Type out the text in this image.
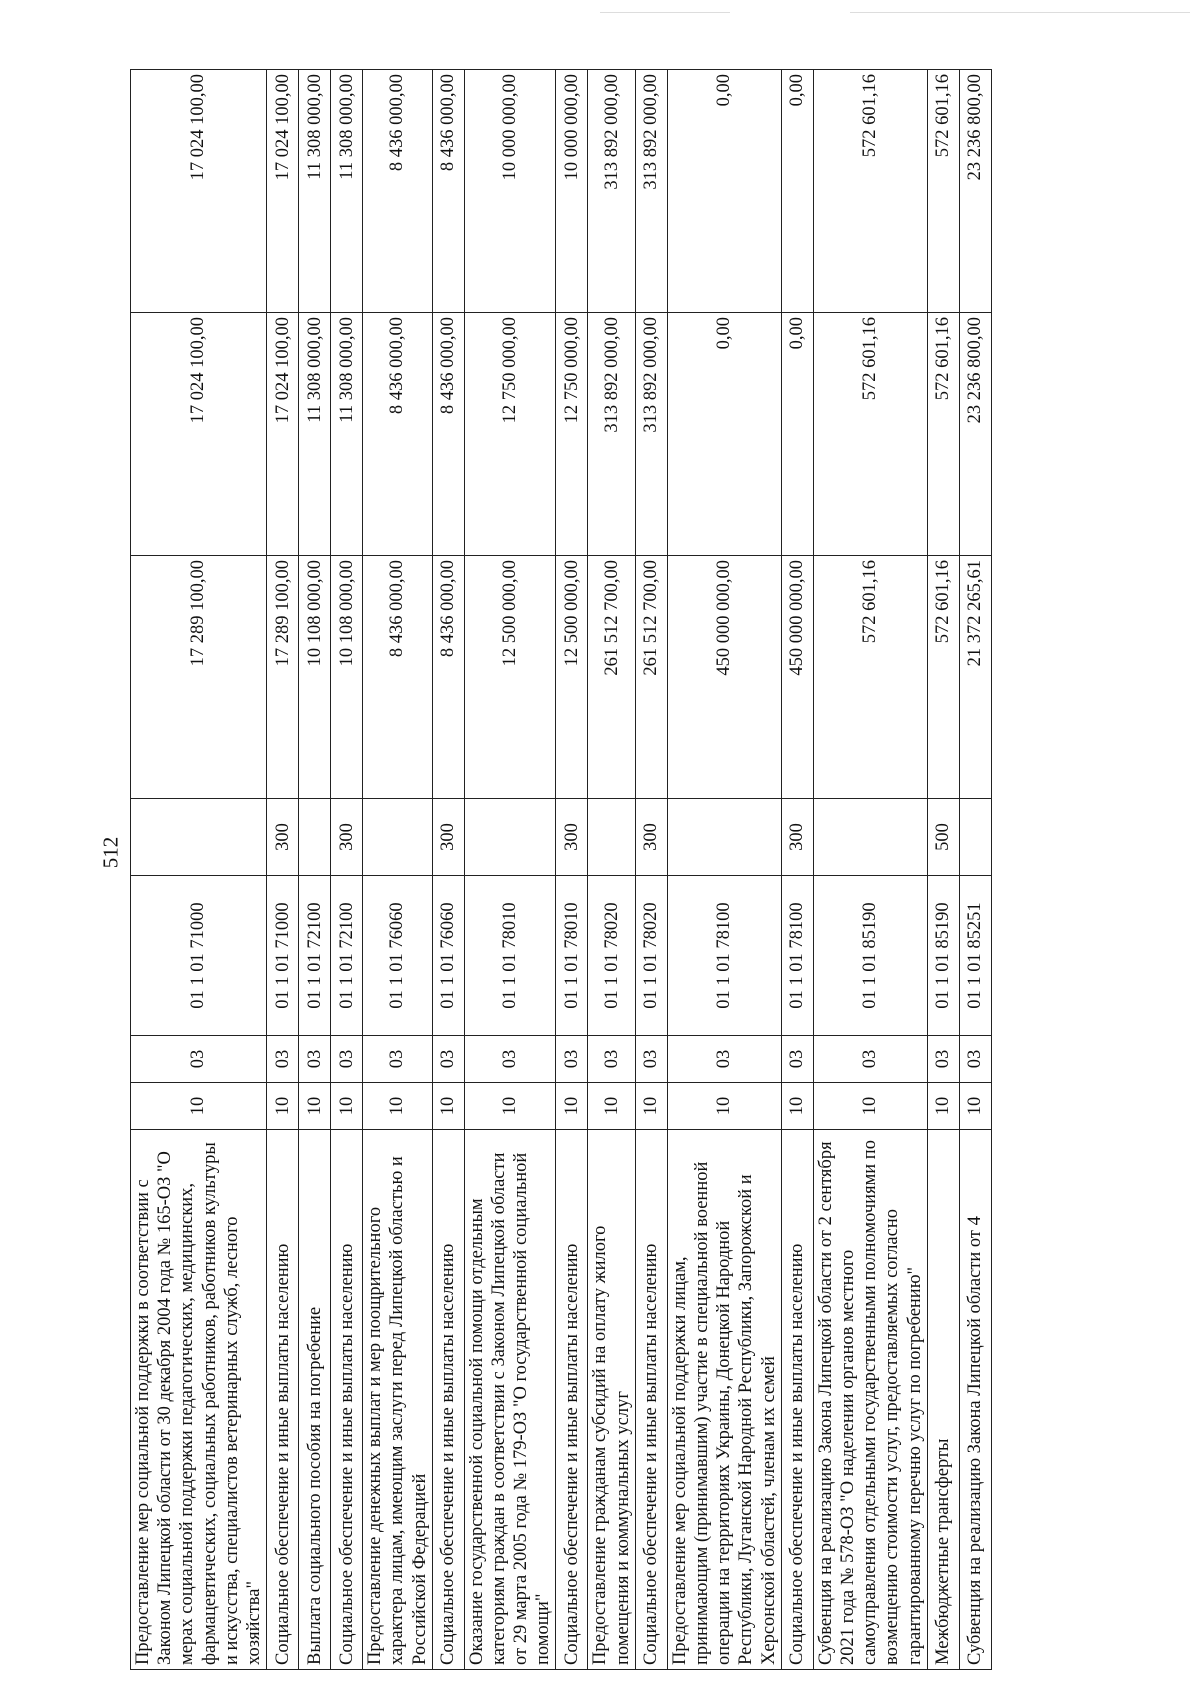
512
Предоставление мер социальной поддержки в соответствии с Законом Липецкой области от 30 декабря 2004 года № 165-ОЗ "О мерах социальной поддержки педагогических, медицинских, фармацевтических, социальных работников, работников культуры и искусства, специалистов ветеринарных служб, лесного хозяйства"	10	03	01 1 01 71000		17 289 100,00	17 024 100,00	17 024 100,00
Социальное обеспечение и иные выплаты населению	10	03	01 1 01 71000	300	17 289 100,00	17 024 100,00	17 024 100,00
Выплата социального пособия на погребение	10	03	01 1 01 72100		10 108 000,00	11 308 000,00	11 308 000,00
Социальное обеспечение и иные выплаты населению	10	03	01 1 01 72100	300	10 108 000,00	11 308 000,00	11 308 000,00
Предоставление денежных выплат и мер поощрительного характера лицам, имеющим заслуги перед Липецкой областью и Российской Федерацией	10	03	01 1 01 76060		8 436 000,00	8 436 000,00	8 436 000,00
Социальное обеспечение и иные выплаты населению	10	03	01 1 01 76060	300	8 436 000,00	8 436 000,00	8 436 000,00
Оказание государственной социальной помощи отдельным категориям граждан в соответствии с Законом Липецкой области от 29 марта 2005 года № 179-ОЗ "О государственной социальной помощи"	10	03	01 1 01 78010		12 500 000,00	12 750 000,00	10 000 000,00
Социальное обеспечение и иные выплаты населению	10	03	01 1 01 78010	300	12 500 000,00	12 750 000,00	10 000 000,00
Предоставление гражданам субсидий на оплату жилого помещения и коммунальных услуг	10	03	01 1 01 78020		261 512 700,00	313 892 000,00	313 892 000,00
Социальное обеспечение и иные выплаты населению	10	03	01 1 01 78020	300	261 512 700,00	313 892 000,00	313 892 000,00
Предоставление мер социальной поддержки лицам, принимающим (принимавшим) участие в специальной военной операции на территориях Украины, Донецкой Народной Республики, Луганской Народной Республики, Запорожской и Херсонской областей, членам их семей	10	03	01 1 01 78100		450 000 000,00	0,00	0,00
Социальное обеспечение и иные выплаты населению	10	03	01 1 01 78100	300	450 000 000,00	0,00	0,00
Субвенция на реализацию Закона Липецкой области от 2 сентября 2021 года № 578-ОЗ "О наделении органов местного самоуправления отдельными государственными полномочиями по возмещению стоимости услуг, предоставляемых согласно гарантированному перечню услуг по погребению"	10	03	01 1 01 85190		572 601,16	572 601,16	572 601,16
Межбюджетные трансферты	10	03	01 1 01 85190	500	572 601,16	572 601,16	572 601,16
Субвенция на реализацию Закона Липецкой области от 4	10	03	01 1 01 85251		21 372 265,61	23 236 800,00	23 236 800,00
